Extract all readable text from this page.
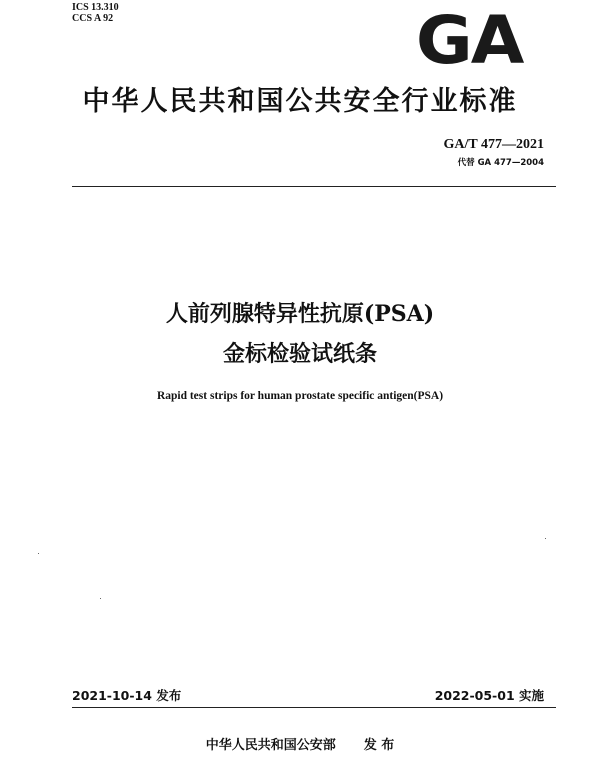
ICS 13.310
CCS A 92	GA
中华人民共和国公共安全行业标准
GA/T 477—2021
代替 GA 477—2004
人前列腺特异性抗原(PSA)
金标检验试纸条
Rapid test strips for human prostate specific antigen(PSA)
2021-10-14 发布	2022-05-01 实施
中华人民共和国公安部 发 布
